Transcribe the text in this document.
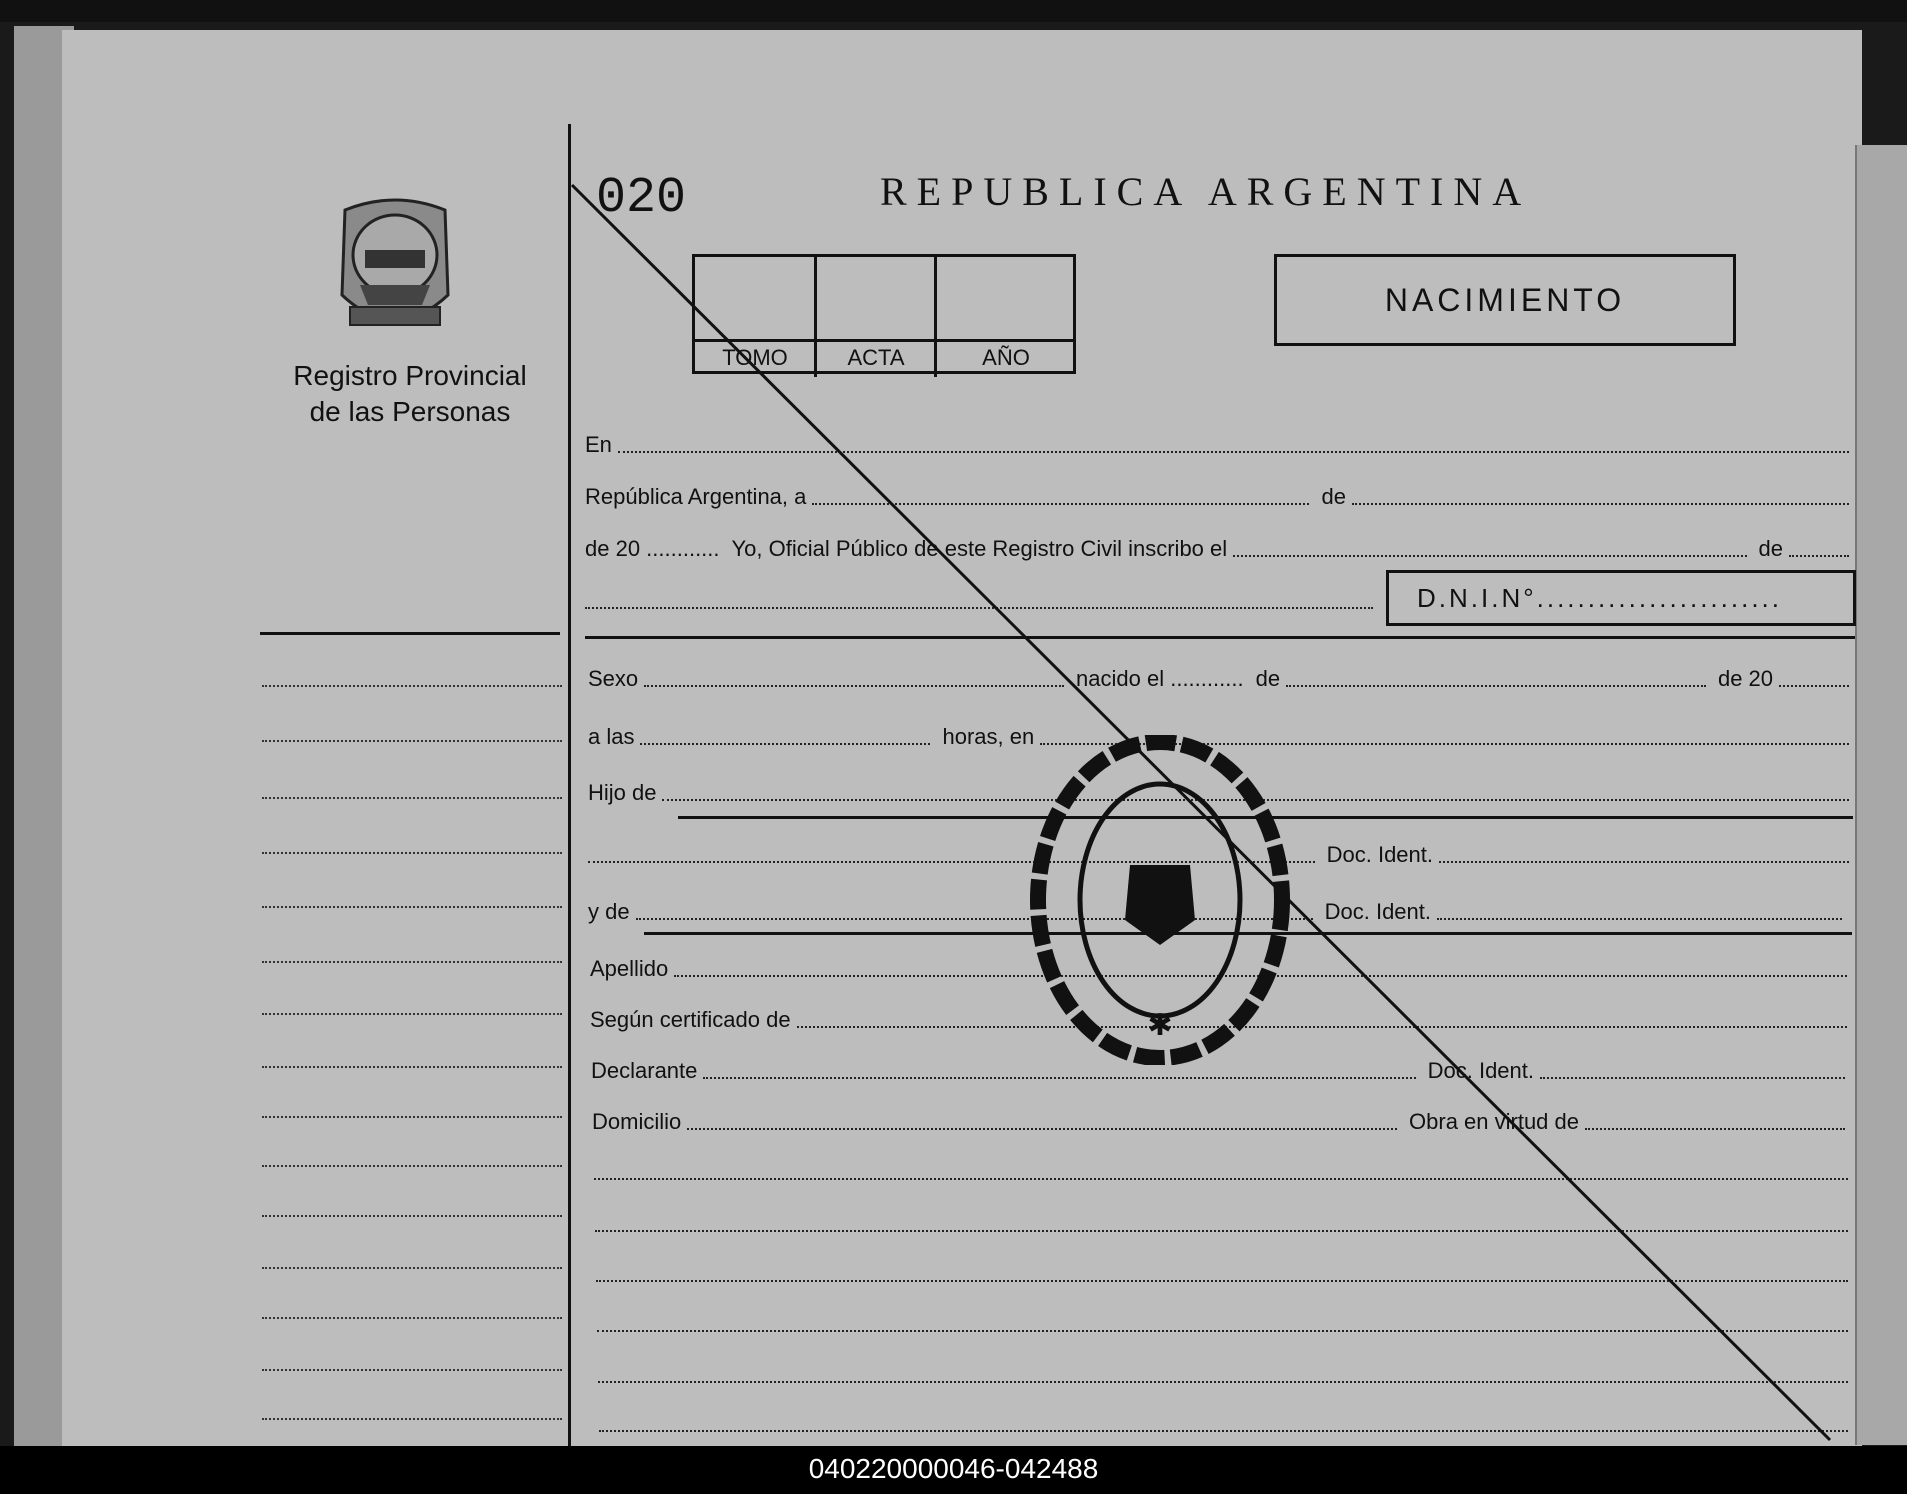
Registro Provincial
de las Personas
020	REPUBLICA ARGENTINA
TOMO	ACTA	AÑO
NACIMIENTO
En
República Argentina, a	de
de 20 ............ Yo, Oficial Público de este Registro Civil inscribo el	de
D.N.I.N°........................
Sexo	nacido el ............ de	de 20
a las	horas, en
Hijo de
Doc. Ident.
y de	Doc. Ident.
Apellido
Según certificado de
Declarante	Doc. Ident.
Domicilio	Obra en virtud de
✱
040220000046-042488
